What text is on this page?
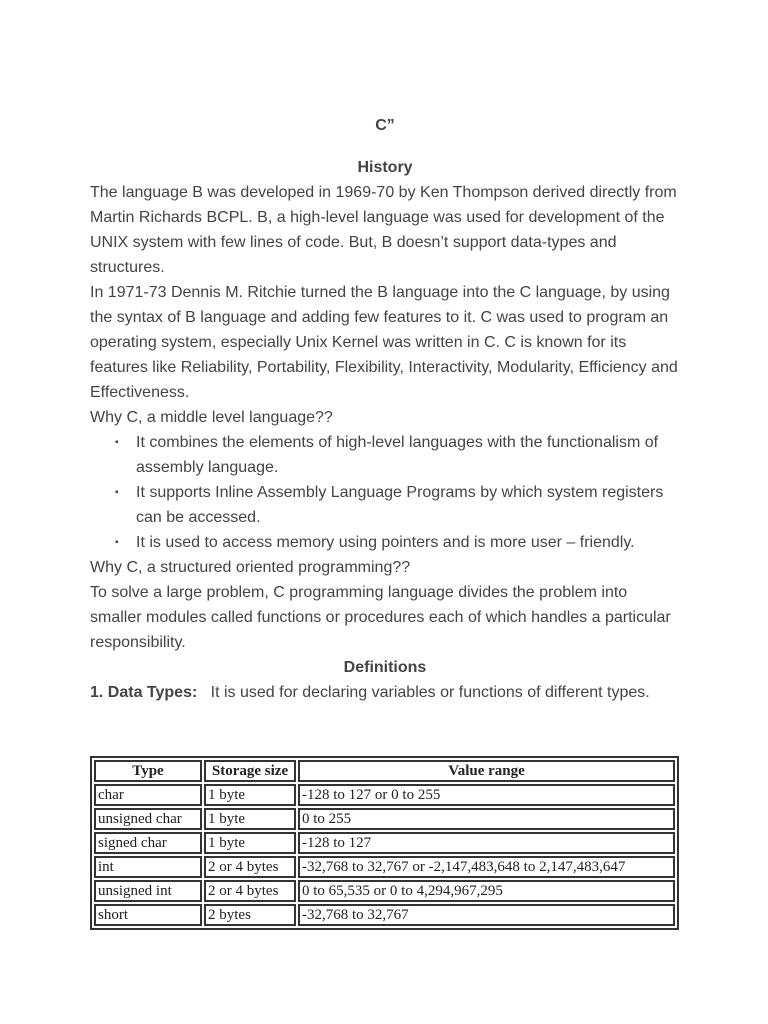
C”

History

The language B was developed in 1969-70 by Ken Thompson derived directly from Martin Richards BCPL. B, a high-level language was used for development of the UNIX system with few lines of code. But, B doesn’t support data-types and structures.

In 1971-73 Dennis M. Ritchie turned the B language into the C language, by using the syntax of B language and adding few features to it. C was used to program an operating system, especially Unix Kernel was written in C. C is known for its features like Reliability, Portability, Flexibility, Interactivity, Modularity, Efficiency and Effectiveness.

Why C, a middle level language??

▪ It combines the elements of high-level languages with the functionalism of assembly language.
▪ It supports Inline Assembly Language Programs by which system registers can be accessed.
▪ It is used to access memory using pointers and is more user – friendly.

Why C, a structured oriented programming??

To solve a large problem, C programming language divides the problem into smaller modules called functions or procedures each of which handles a particular responsibility.

Definitions

1. Data Types: It is used for declaring variables or functions of different types.

Type	Storage size	Value range
char	1 byte	-128 to 127 or 0 to 255
unsigned char	1 byte	0 to 255
signed char	1 byte	-128 to 127
int	2 or 4 bytes	-32,768 to 32,767 or -2,147,483,648 to 2,147,483,647
unsigned int	2 or 4 bytes	0 to 65,535 or 0 to 4,294,967,295
short	2 bytes	-32,768 to 32,767
